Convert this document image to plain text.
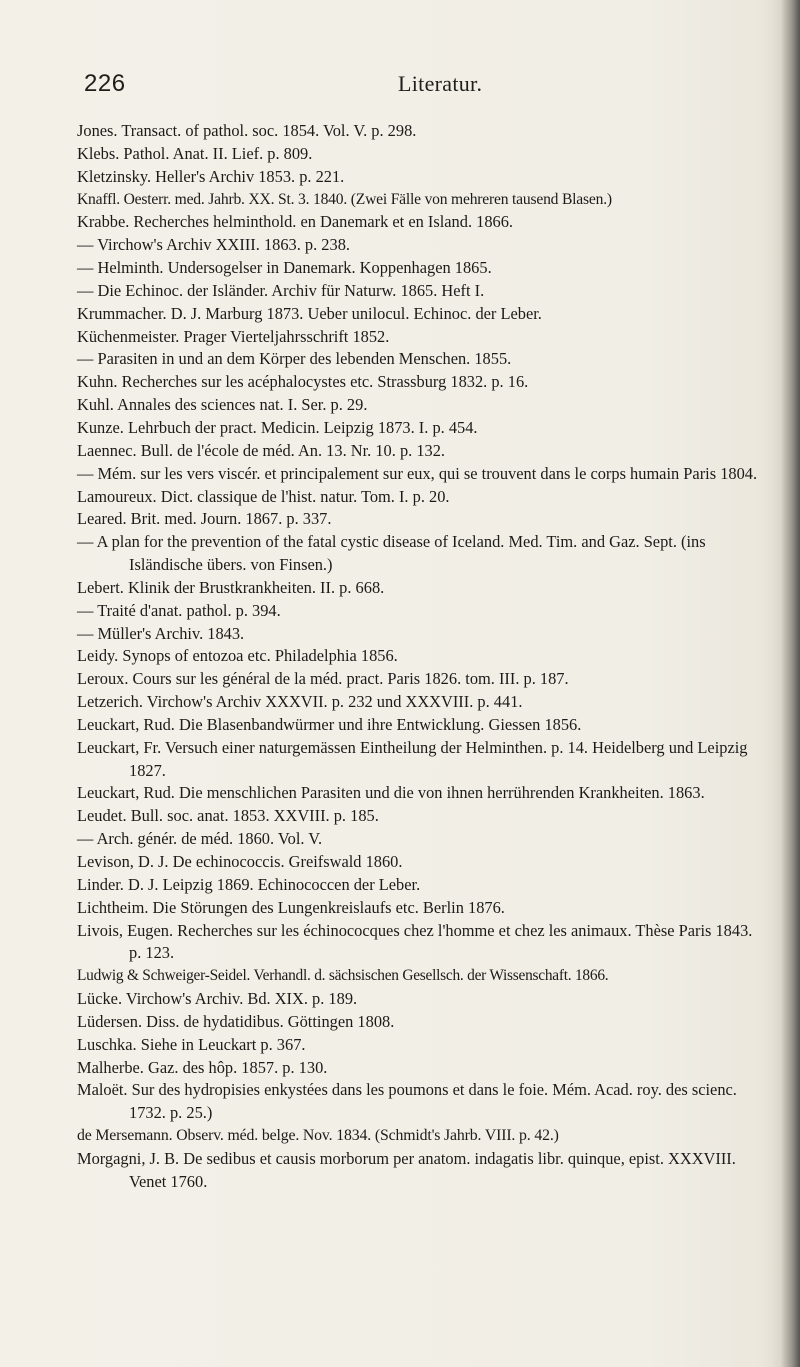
226	Literatur.
Jones. Transact. of pathol. soc. 1854. Vol. V. p. 298.
Klebs. Pathol. Anat. II. Lief. p. 809.
Kletzinsky. Heller's Archiv 1853. p. 221.
Knaffl. Oesterr. med. Jahrb. XX. St. 3. 1840. (Zwei Fälle von mehreren tausend Blasen.)
Krabbe. Recherches helminthold. en Danemark et en Island. 1866.
— Virchow's Archiv XXIII. 1863. p. 238.
— Helminth. Undersogelser in Danemark. Koppenhagen 1865.
— Die Echinoc. der Isländer. Archiv für Naturw. 1865. Heft I.
Krummacher. D. J. Marburg 1873. Ueber unilocul. Echinoc. der Leber.
Küchenmeister. Prager Vierteljahrsschrift 1852.
— Parasiten in und an dem Körper des lebenden Menschen. 1855.
Kuhn. Recherches sur les acéphalocystes etc. Strassburg 1832. p. 16.
Kuhl. Annales des sciences nat. I. Ser. p. 29.
Kunze. Lehrbuch der pract. Medicin. Leipzig 1873. I. p. 454.
Laennec. Bull. de l'école de méd. An. 13. Nr. 10. p. 132.
— Mém. sur les vers viscér. et principalement sur eux, qui se trouvent dans le corps humain Paris 1804.
Lamoureux. Dict. classique de l'hist. natur. Tom. I. p. 20.
Leared. Brit. med. Journ. 1867. p. 337.
— A plan for the prevention of the fatal cystic disease of Iceland. Med. Tim. and Gaz. Sept. (ins Isländische übers. von Finsen.)
Lebert. Klinik der Brustkrankheiten. II. p. 668.
— Traité d'anat. pathol. p. 394.
— Müller's Archiv. 1843.
Leidy. Synops of entozoa etc. Philadelphia 1856.
Leroux. Cours sur les général de la méd. pract. Paris 1826. tom. III. p. 187.
Letzerich. Virchow's Archiv XXXVII. p. 232 und XXXVIII. p. 441.
Leuckart, Rud. Die Blasenbandwürmer und ihre Entwicklung. Giessen 1856.
Leuckart, Fr. Versuch einer naturgemässen Eintheilung der Helminthen. p. 14. Heidelberg und Leipzig 1827.
Leuckart, Rud. Die menschlichen Parasiten und die von ihnen herrührenden Krankheiten. 1863.
Leudet. Bull. soc. anat. 1853. XXVIII. p. 185.
— Arch. génér. de méd. 1860. Vol. V.
Levison, D. J. De echinococcis. Greifswald 1860.
Linder. D. J. Leipzig 1869. Echinococcen der Leber.
Lichtheim. Die Störungen des Lungenkreislaufs etc. Berlin 1876.
Livois, Eugen. Recherches sur les échinococques chez l'homme et chez les animaux. Thèse Paris 1843. p. 123.
Ludwig & Schweiger-Seidel. Verhandl. d. sächsischen Gesellsch. der Wissenschaft. 1866.
Lücke. Virchow's Archiv. Bd. XIX. p. 189.
Lüdersen. Diss. de hydatidibus. Göttingen 1808.
Luschka. Siehe in Leuckart p. 367.
Malherbe. Gaz. des hôp. 1857. p. 130.
Maloët. Sur des hydropisies enkystées dans les poumons et dans le foie. Mém. Acad. roy. des scienc. 1732. p. 25.)
de Mersemann. Observ. méd. belge. Nov. 1834. (Schmidt's Jahrb. VIII. p. 42.)
Morgagni, J. B. De sedibus et causis morborum per anatom. indagatis libr. quinque, epist. XXXVIII. Venet 1760.
